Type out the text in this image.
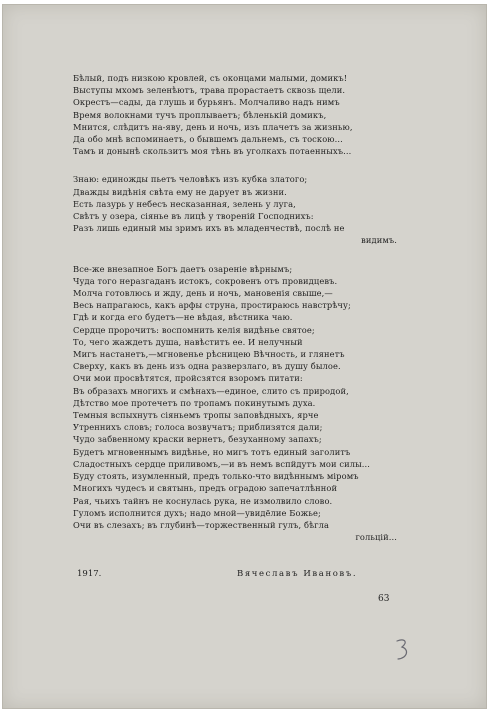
Бѣлый, подъ низкою кровлей, съ оконцами малыми, домикъ!
Выступы мхомъ зеленѣютъ, трава прорастаетъ сквозь щели.
Окрестъ—сады, да глушь и бурьянъ. Молчаливо надъ нимъ
Время волокнами тучъ проплываетъ; бѣленькій домикъ,
Мнится, слѣдитъ на-яву, день и ночь, изъ плачетъ за жизнью,
Да обо мнѣ вспоминаетъ, о бывшемъ дальнемъ, съ тоскою...
Тамъ и донынѣ скользитъ моя тѣнь въ уголкахъ потаенныхъ...
Знаю: единожды пьетъ человѣкъ изъ кубка златого;
Дважды видѣнія свѣта ему не дарует въ жизни.
Есть лазурь у небесъ несказанная, зелень у луга,
Свѣтъ у озера, сіянье въ лицѣ у творенiй Господнихъ:
Разъ лишь единый мы зримъ ихъ въ младенчествѣ, послѣ не
видимъ.
Все-же внезапное Богъ даетъ озаренiе вѣрнымъ;
Чуда того неразгаданъ истокъ, сокровенъ отъ провидцевъ.
Молча готовлюсь и жду, день и ночь, мановенія свыше,—
Весь напрагаюсь, какъ арфы струна, простираюсь навстрѣчу;
Гдѣ и когда его будетъ—не вѣдая, вѣстника чаю.
Сердце пророчитъ: воспомнить келія видѣнье святое;
То, чего жаждетъ душа, навѣститъ ее. И нелучный
Мигъ настанетъ,—мгновенье рѣсницею Вѣчность, и глянетъ
Сверху, какъ въ день изъ одна разверзлаго, въ душу былое.
Очи мои просвѣтятся, пройсзятся взоромъ питати:
Въ образахъ многихъ и смѣнахъ—единое, слито съ природой,
Дѣтство мое протечетъ по тропамъ покинутымъ духа.
Темныя вспыхнутъ сіяньемъ тропы заповѣдныхъ, ярче
Утреннихъ словъ; голоса возвучатъ; приблизятся дали;
Чудо забвенному краски вернетъ, безуханному запахъ;
Будетъ мгновеннымъ видѣнье, но мигъ тотъ единый заголитъ
Сладостныхъ сердце приливомъ,—и въ немъ вспйдутъ мои силы...
Буду стоять, изумленный, предъ только-что видѣннымъ міромъ
Многихъ чудесъ и святынь, предъ оградою запечатлѣнной
Рая, чьихъ тайнъ не коснулась рука, не измолвило слово.
Гуломъ исполнится духъ; надо мной—увидёлие Божье;
Очи въ слезахъ; въ глубинѣ—торжественный гулъ, бѣгла
гольцiй...
1917.	Вячеславъ Ивановъ.
63
